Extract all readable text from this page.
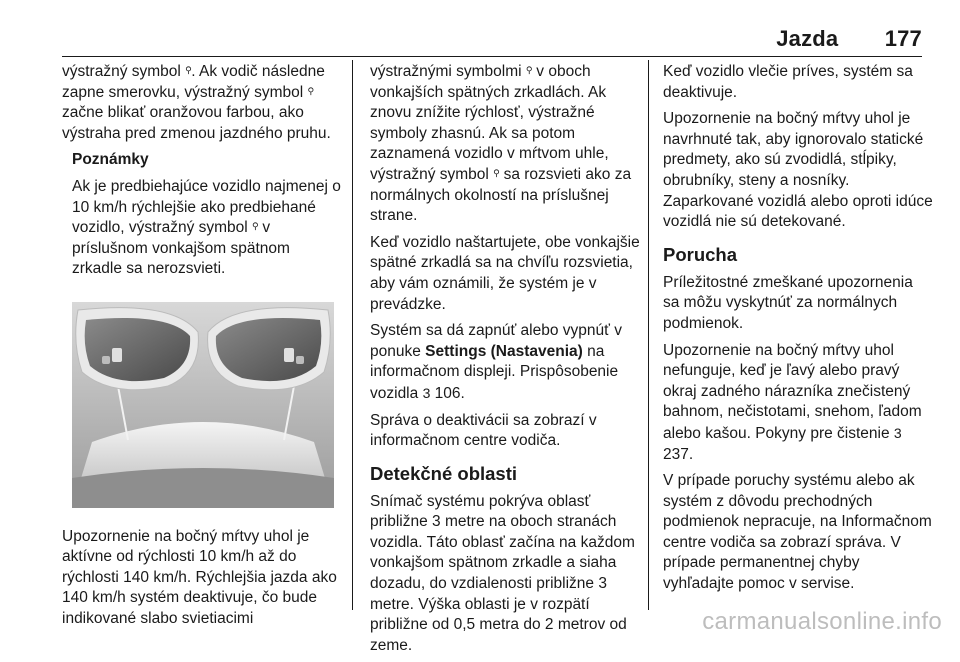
Jazda 177

výstražný symbol ⚲. Ak vodič následne zapne smerovku, výstražný symbol ⚲ začne blikať oranžovou farbou, ako výstraha pred zmenou jazdného pruhu.

Poznámky

Ak je predbiehajúce vozidlo najmenej o 10 km/h rýchlejšie ako predbiehané vozidlo, výstražný symbol ⚲ v príslušnom vonkajšom spätnom zrkadle sa nerozsvieti.

Upozornenie na bočný mŕtvy uhol je aktívne od rýchlosti 10 km/h až do rýchlosti 140 km/h. Rýchlejšia jazda ako 140 km/h systém deaktivuje, čo bude indikované slabo svietiacimi

výstražnými symbolmi ⚲ v oboch vonkajších spätných zrkadlách. Ak znovu znížite rýchlosť, výstražné symboly zhasnú. Ak sa potom zaznamená vozidlo v mŕtvom uhle, výstražný symbol ⚲ sa rozsvieti ako za normálnych okolností na príslušnej strane.

Keď vozidlo naštartujete, obe vonkajšie spätné zrkadlá sa na chvíľu rozsvietia, aby vám oznámili, že systém je v prevádzke.

Systém sa dá zapnúť alebo vypnúť v ponuke Settings (Nastavenia) na informačnom displeji. Prispôsobenie vozidla 3 106.

Správa o deaktivácii sa zobrazí v informačnom centre vodiča.

Detekčné oblasti

Snímač systému pokrýva oblasť približne 3 metre na oboch stranách vozidla. Táto oblasť začína na každom vonkajšom spätnom zrkadle a siaha dozadu, do vzdialenosti približne 3 metre. Výška oblasti je v rozpätí približne od 0,5 metra do 2 metrov od zeme.

Keď vozidlo vlečie príves, systém sa deaktivuje.

Upozornenie na bočný mŕtvy uhol je navrhnuté tak, aby ignorovalo statické predmety, ako sú zvodidlá, stĺpiky, obrubníky, steny a nosníky. Zaparkované vozidlá alebo oproti idúce vozidlá nie sú detekované.

Porucha

Príležitostné zmeškané upozornenia sa môžu vyskytnúť za normálnych podmienok.

Upozornenie na bočný mŕtvy uhol nefunguje, keď je ľavý alebo pravý okraj zadného nárazníka znečistený bahnom, nečistotami, snehom, ľadom alebo kašou. Pokyny pre čistenie 3 237.

V prípade poruchy systému alebo ak systém z dôvodu prechodných podmienok nepracuje, na Informačnom centre vodiča sa zobrazí správa. V prípade permanentnej chyby vyhľadajte pomoc v servise.

carmanualsonline.info
